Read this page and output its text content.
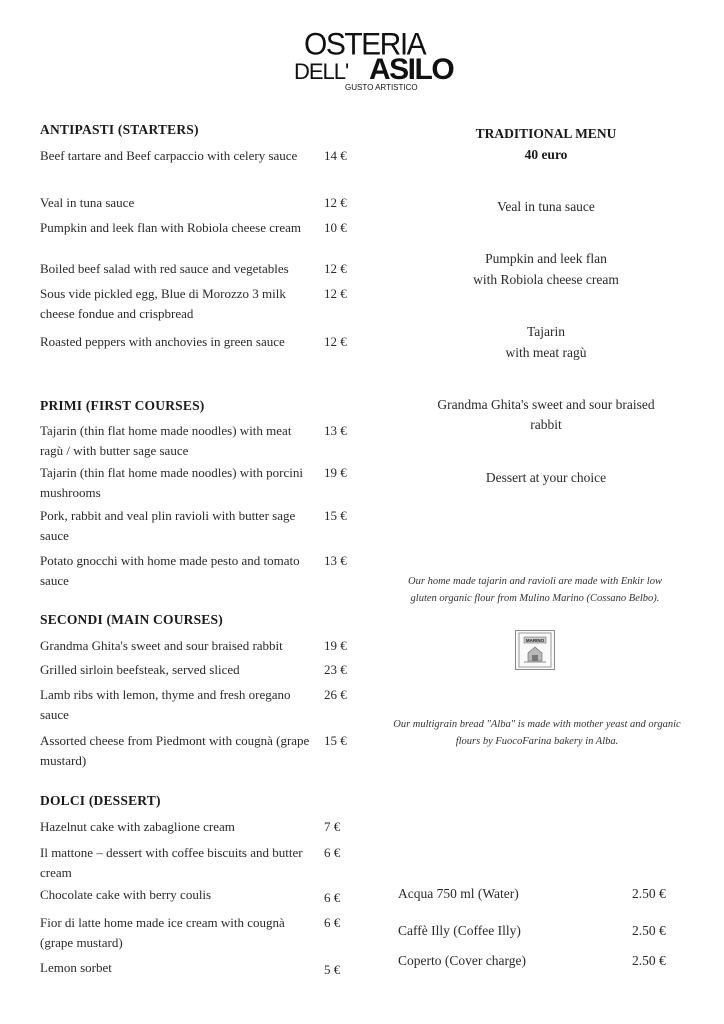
OSTERIA
DELL' ASILO
GUSTO ARTISTICO
ANTIPASTI (STARTERS)
Beef tartare and Beef carpaccio with celery sauce	14 €
Veal in tuna sauce	12 €
Pumpkin and leek flan with Robiola cheese cream	10 €
Boiled beef salad with red sauce and vegetables	12 €
Sous vide pickled egg, Blue di Morozzo 3 milk cheese fondue and crispbread
12 €
Roasted peppers with anchovies in green sauce	12 €
PRIMI (FIRST COURSES)
Tajarin (thin flat home made noodles) with meat ragù / with butter sage sauce
13 €
Tajarin (thin flat home made noodles) with porcini mushrooms
19 €
Pork, rabbit and veal plin ravioli with butter sage sauce
15 €
Potato gnocchi with home made pesto and tomato sauce
13 €
SECONDI (MAIN COURSES)
Grandma Ghita's sweet and sour braised rabbit	19 €
Grilled sirloin beefsteak, served sliced	23 €
Lamb ribs with lemon, thyme and fresh oregano sauce
26 €
Assorted cheese from Piedmont with cougnà (grape mustard)
15 €
DOLCI (DESSERT)
Hazelnut cake with zabaglione cream	7 €
Il mattone – dessert with coffee biscuits and butter cream
6 €
Chocolate cake with berry coulis	6 €
Fior di latte home made ice cream with cougnà (grape mustard)
6 €
Lemon sorbet	5 €
TRADITIONAL MENU
40 euro
Veal in tuna sauce
Pumpkin and leek flan
with Robiola cheese cream
Tajarin
with meat ragù
Grandma Ghita's sweet and sour braised
rabbit
Dessert at your choice
Our home made tajarin and ravioli are made with Enkir low gluten organic flour from Mulino Marino (Cossano Belbo).
MARINO
Our multigrain bread "Alba" is made with mother yeast and organic flours by FuocoFarina bakery in Alba.
Acqua 750 ml (Water)	2.50 €
Caffè Illy (Coffee Illy)	2.50 €
Coperto (Cover charge)	2.50 €
